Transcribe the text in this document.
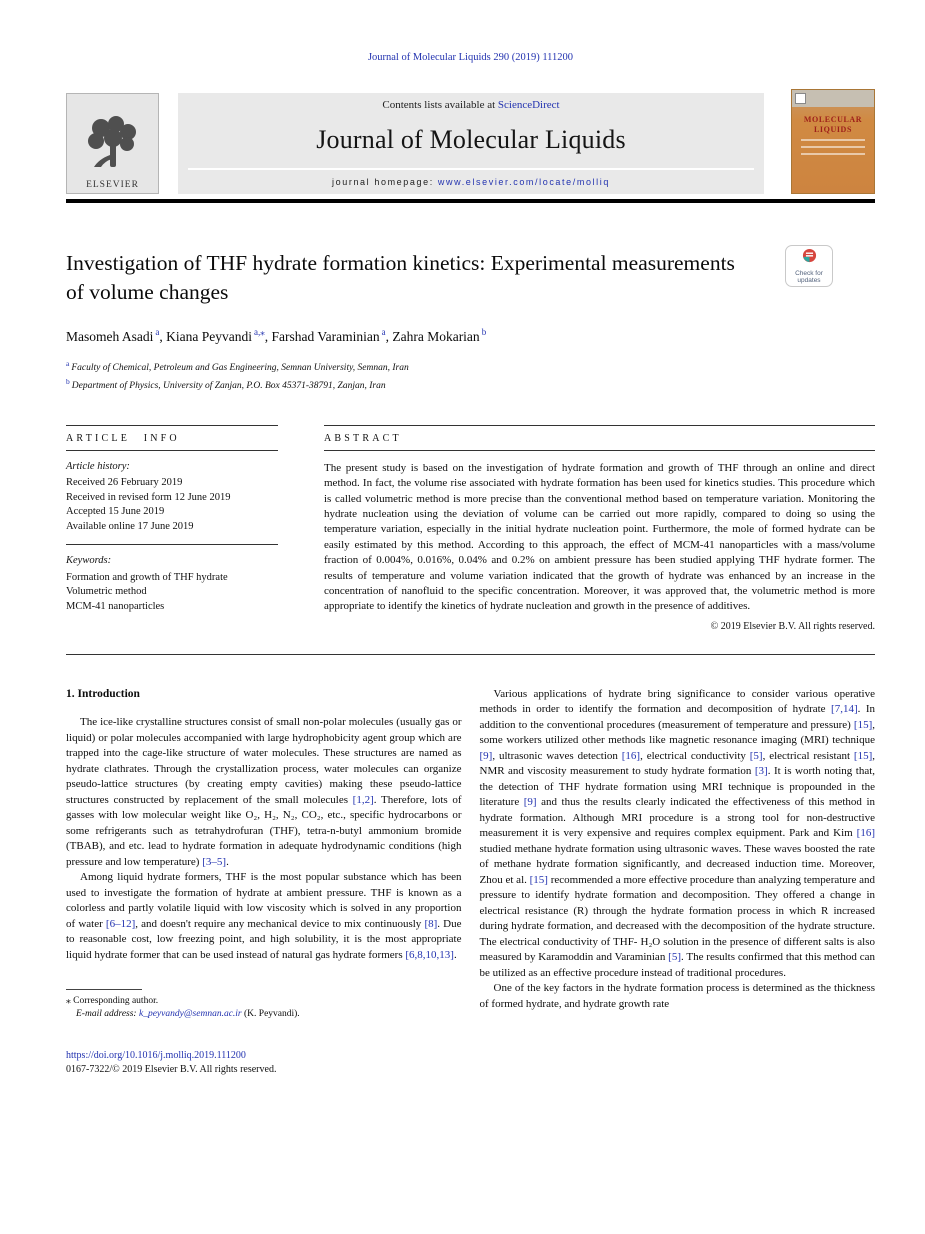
Journal of Molecular Liquids 290 (2019) 111200
ELSEVIER
Contents lists available at ScienceDirect
Journal of Molecular Liquids
journal homepage: www.elsevier.com/locate/molliq
MOLECULAR
LIQUIDS
Investigation of THF hydrate formation kinetics: Experimental measurements of volume changes
Check for
updates
Masomeh Asadi $^a$, Kiana Peyvandi $^{a,⁎}$, Farshad Varaminian $^a$, Zahra Mokarian $^b$
$^a$ Faculty of Chemical, Petroleum and Gas Engineering, Semnan University, Semnan, Iran
$^b$ Department of Physics, University of Zanjan, P.O. Box 45371-38791, Zanjan, Iran
ARTICLE INFO
Article history:
Received 26 February 2019
Received in revised form 12 June 2019
Accepted 15 June 2019
Available online 17 June 2019
Keywords:
Formation and growth of THF hydrate
Volumetric method
MCM-41 nanoparticles
ABSTRACT
The present study is based on the investigation of hydrate formation and growth of THF through an online and direct method. In fact, the volume rise associated with hydrate formation has been used for kinetics studies. This procedure which is called volumetric method is more precise than the conventional method based on temperature variation. Monitoring the hydrate nucleation using the deviation of volume can be carried out more rapidly, compared to doing so using the temperature variation, especially in the initial hydrate nucleation point. Furthermore, the mole of formed hydrate can be easily estimated by this method. According to this approach, the effect of MCM-41 nanoparticles with a mass/volume fraction of 0.004%, 0.016%, 0.04% and 0.2% on ambient pressure has been studied applying THF hydrate former. The results of temperature and volume variation indicated that the growth of hydrate was enhanced by an increase in the concentration of nanofluid to the specific concentration. Moreover, it was approved that, the volumetric method is more appropriate to identify the kinetics of hydrate nucleation and growth in the presence of additives.
© 2019 Elsevier B.V. All rights reserved.
1. Introduction

The ice-like crystalline structures consist of small non-polar molecules (usually gas or liquid) or polar molecules accompanied with large hydrophobicity agent group which are trapped into the cage-like structure of water molecules. These structures are named as hydrate clathrates. Through the crystallization process, water molecules can organize pseudo-lattice structures (by creating empty cavities) making these pseudo-lattice structures constructed by replacement of the small molecules [1,2]. Therefore, lots of gasses with low molecular weight like O₂, H₂, N₂, CO₂, etc., specific hydrocarbons or some refrigerants such as tetrahydrofuran (THF), tetra-n-butyl ammonium bromide (TBAB), and etc. lead to hydrate formation in adequate hydrodynamic conditions (high pressure and low temperature) [3–5].

Among liquid hydrate formers, THF is the most popular substance which has been used to investigate the formation of hydrate at ambient pressure. THF is known as a colorless and partly volatile liquid with low viscosity which is solved in any proportion of water [6–12], and doesn't require any mechanical device to mix continuously [8]. Due to reasonable cost, low freezing point, and high solubility, it is the most appropriate liquid hydrate former that can be used instead of natural gas hydrate formers [6,8,10,13].

⁎ Corresponding author.
E-mail address: k_peyvandy@semnan.ac.ir (K. Peyvandi).

Various applications of hydrate bring significance to consider various operative methods in order to identify the formation and decomposition of hydrate [7,14]. In addition to the conventional procedures (measurement of temperature and pressure) [15], some workers utilized other methods like magnetic resonance imaging (MRI) technique [9], ultrasonic waves detection [16], electrical conductivity [5], electrical resistant [15], NMR and viscosity measurement to study hydrate formation [3]. It is worth noting that, the detection of THF hydrate formation using MRI technique is propounded in the literature [9] and thus the results clearly indicated the effectiveness of this method in hydrate formation. Although MRI procedure is a strong tool for non-destructive measurement it is very expensive and requires complex equipment. Park and Kim [16] studied methane hydrate formation using ultrasonic waves. These waves boosted the rate of methane hydrate formation significantly, and decreased induction time. Moreover, Zhou et al. [15] recommended a more effective procedure than analyzing temperature and pressure to identify hydrate formation and decomposition. They offered a change in electrical resistance (R) through the hydrate formation process in which R increased during hydrate formation, and decreased with the decomposition of the hydrate structure. The electrical conductivity of THF- H₂O solution in the presence of different salts is also measured by Karamoddin and Varaminian [5]. The results confirmed that this method can be utilized as an effective procedure instead of traditional procedures.

One of the key factors in the hydrate formation process is determined as the thickness of formed hydrate, and hydrate growth rate

https://doi.org/10.1016/j.molliq.2019.111200
0167-7322/© 2019 Elsevier B.V. All rights reserved.
